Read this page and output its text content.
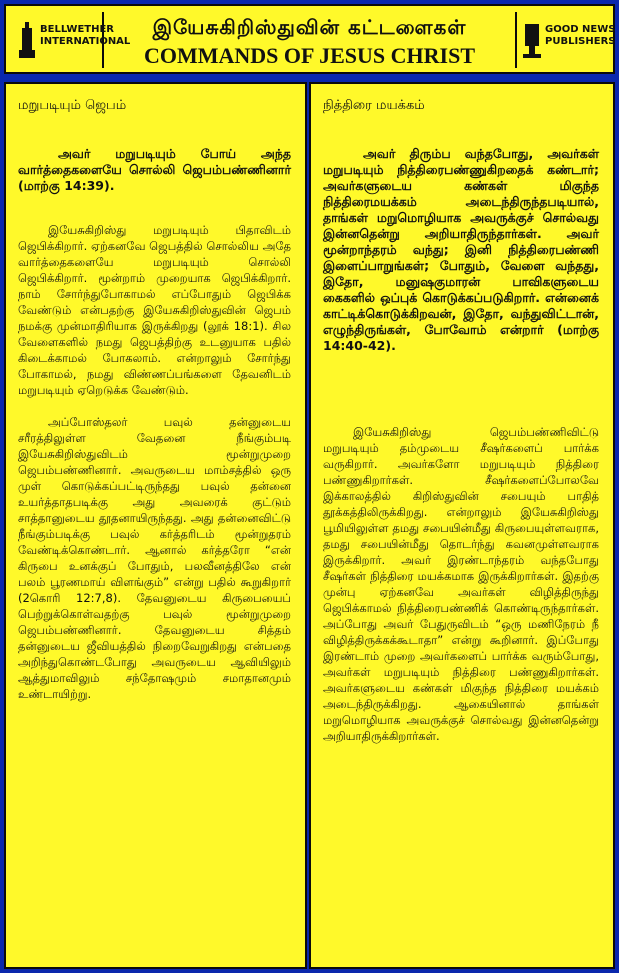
BELLWETHER INTERNATIONAL
இயேசுகிறிஸ்துவின் கட்டளைகள்
COMMANDS OF JESUS CHRIST
GOOD NEWS PUBLISHERS
மறுபடியும் ஜெபம்
அவர் மறுபடியும் போய் அந்த வார்த்தைகளையே சொல்லி ஜெபம்பண்ணினார் (மாற்கு 14:39).

இயேசுகிறிஸ்து மறுபடியும் பிதாவிடம் ஜெபிக்கிறார். ஏற்கனவே ஜெபத்தில் சொல்லிய அதே வார்த்தைகளையே மறுபடியும் சொல்லி ஜெபிக்கிறார். மூன்றாம் முறையாக ஜெபிக்கிறார். நாம் சோர்ந்துபோகாமல் எப்போதும் ஜெபிக்க வேண்டும் என்பதற்கு இயேசுகிறிஸ்துவின் ஜெபம் நமக்கு முன்மாதிரியாக இருக்கிறது (லூக் 18:1). சில வேளைகளில் நமது ஜெபத்திற்கு உடனுயாக பதில் கிடைக்காமல் போகலாம். என்றாலும் சோர்ந்து போகாமல், நமது விண்ணப்பங்களை தேவனிடம் மறுபடியும் ஏறெடுக்க வேண்டும்.

அப்போஸ்தலர் பவுல் தன்னுடைய சரீரத்திலுள்ள வேதனை நீங்கும்படி இயேசுகிறிஸ்துவிடம் மூன்றுமுறை ஜெபம்பண்ணினார். அவருடைய மாம்சத்தில் ஒரு முள் கொடுக்கப்பட்டிருந்தது பவுல் தன்னை உயர்த்தாதபடிக்கு அது அவரைக் குட்டும் சாத்தானுடைய தூதனாயிருந்தது. அது தன்னைவிட்டு நீங்கும்படிக்கு பவுல் கர்த்தரிடம் மூன்றுதரம் வேண்டிக்கொண்டார். ஆனால் கர்த்தரோ “என் கிருபை உனக்குப் போதும், பலவீனத்திலே என் பலம் பூரணமாய் விளங்கும்” என்று பதில் கூறுகிறார் (2கொரி 12:7,8). தேவனுடைய கிருபையைப் பெற்றுக்கொள்வதற்கு பவுல் மூன்றுமுறை ஜெபம்பண்ணினார். தேவனுடைய சித்தம் தன்னுடைய ஜீவியத்தில் நிறைவேறுகிறது என்பதை அறிந்துகொண்டபோது அவருடைய ஆவியிலும் ஆத்துமாவிலும் சந்தோஷமும் சமாதானமும் உண்டாயிற்று.

நித்திரை மயக்கம்
அவர் திரும்ப வந்தபோது, அவர்கள் மறுபடியும் நித்திரைபண்ணுகிறதைக் கண்டார்; அவர்களுடைய கண்கள் மிகுந்த நித்திரைமயக்கம் அடைந்திருந்தபடியால், தாங்கள் மறுமொழியாக அவருக்குச் சொல்வது இன்னதென்று அறியாதிருந்தார்கள். அவர் மூன்றாந்தரம் வந்து; இனி நித்திரைபண்ணி இளைப்பாறுங்கள்; போதும், வேளை வந்தது, இதோ, மனுஷகுமாரன் பாவிகளுடைய கைகளில் ஒப்புக் கொடுக்கப்படுகிறார். என்னைக் காட்டிக்கொடுக்கிறவன், இதோ, வந்துவிட்டான், எழுந்திருங்கள், போவோம் என்றார் (மாற்கு 14:40-42).

இயேசுகிறிஸ்து ஜெபம்பண்ணிவிட்டு மறுபடியும் தம்முடைய சீஷர்களைப் பார்க்க வருகிறார். அவர்களோ மறுபடியும் நித்திரை பண்ணுகிறார்கள். சீஷர்களைப்போலவே இக்காலத்தில் கிறிஸ்துவின் சபையும் பாதித் தூக்கத்திலிருக்கிறது. என்றாலும் இயேசுகிறிஸ்து பூமியிலுள்ள தமது சபையின்மீது கிருபையுள்ளவராக, தமது சபையின்மீது தொடர்ந்து கவனமுள்ளவராக இருக்கிறார். அவர் இரண்டாந்தரம் வந்தபோது சீஷர்கள் நித்திரை மயக்கமாக இருக்கிறார்கள். இதற்கு முன்பு ஏற்கனவே அவர்கள் விழித்திருந்து ஜெபிக்காமல் நித்திரைபண்ணிக் கொண்டிருந்தார்கள். அப்போது அவர் பேதுருவிடம் “ஒரு மணிநேரம் நீ விழித்திருக்கக்கூடாதா” என்று கூறினார். இப்போது இரண்டாம் முறை அவர்களைப் பார்க்க வரும்போது, அவர்கள் மறுபடியும் நித்திரை பண்ணுகிறார்கள். அவர்களுடைய கண்கள் மிகுந்த நித்திரை மயக்கம் அடைந்திருக்கிறது. ஆகையினால் தாங்கள் மறுமொழியாக அவருக்குச் சொல்வது இன்னதென்று அறியாதிருக்கிறார்கள்.
